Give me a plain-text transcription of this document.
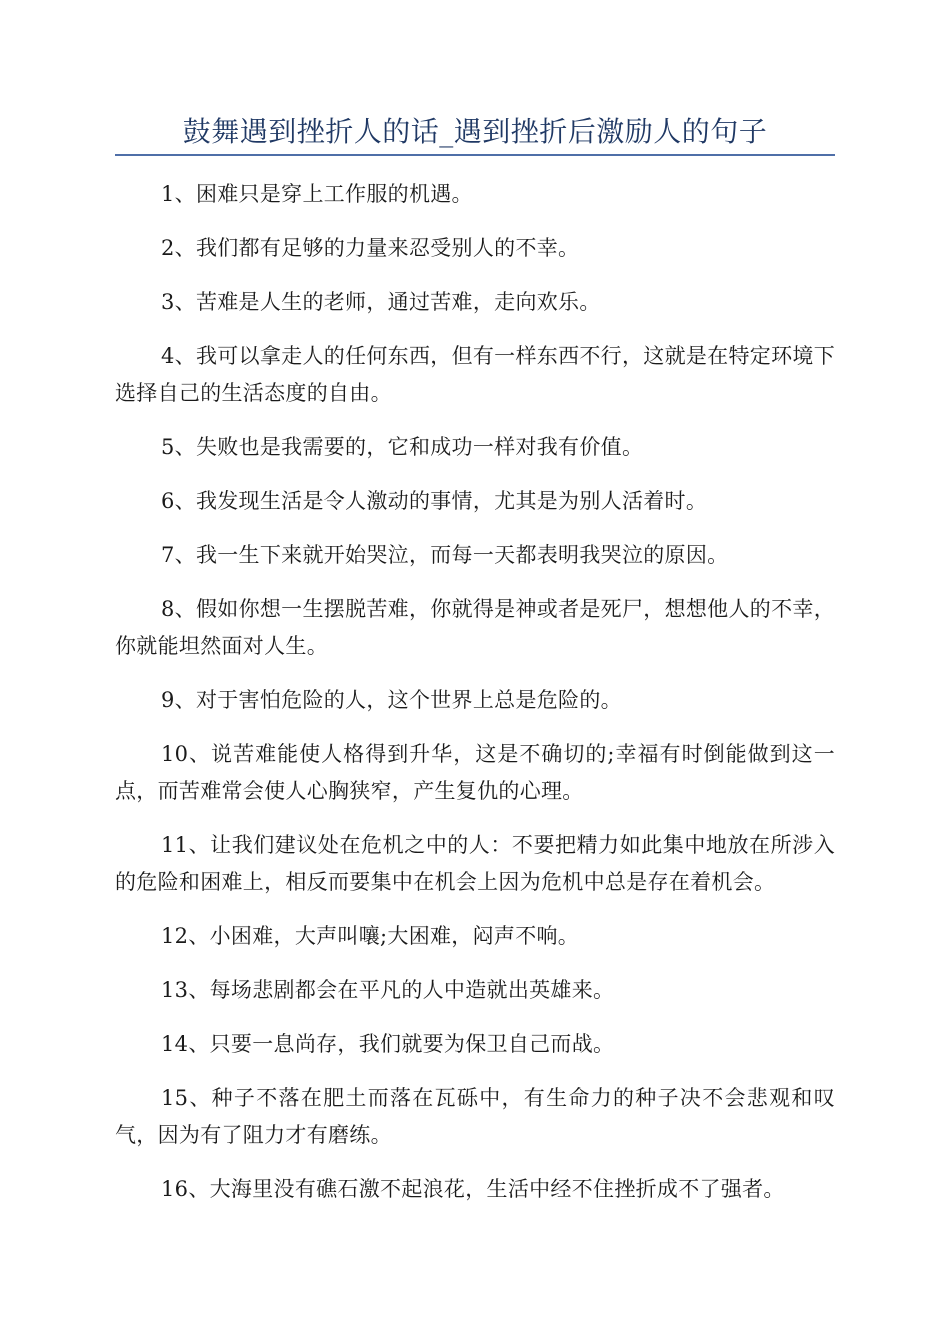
鼓舞遇到挫折人的话_遇到挫折后激励人的句子

1、困难只是穿上工作服的机遇。

2、我们都有足够的力量来忍受别人的不幸。

3、苦难是人生的老师，通过苦难，走向欢乐。

4、我可以拿走人的任何东西，但有一样东西不行，这就是在特定环境下选择自己的生活态度的自由。

5、失败也是我需要的，它和成功一样对我有价值。

6、我发现生活是令人激动的事情，尤其是为别人活着时。

7、我一生下来就开始哭泣，而每一天都表明我哭泣的原因。

8、假如你想一生摆脱苦难，你就得是神或者是死尸，想想他人的不幸，你就能坦然面对人生。

9、对于害怕危险的人，这个世界上总是危险的。

10、说苦难能使人格得到升华，这是不确切的;幸福有时倒能做到这一点，而苦难常会使人心胸狭窄，产生复仇的心理。

11、让我们建议处在危机之中的人：不要把精力如此集中地放在所涉入的危险和困难上，相反而要集中在机会上因为危机中总是存在着机会。

12、小困难，大声叫嚷;大困难，闷声不响。

13、每场悲剧都会在平凡的人中造就出英雄来。

14、只要一息尚存，我们就要为保卫自己而战。

15、种子不落在肥土而落在瓦砾中，有生命力的种子决不会悲观和叹气，因为有了阻力才有磨练。

16、大海里没有礁石激不起浪花，生活中经不住挫折成不了强者。
